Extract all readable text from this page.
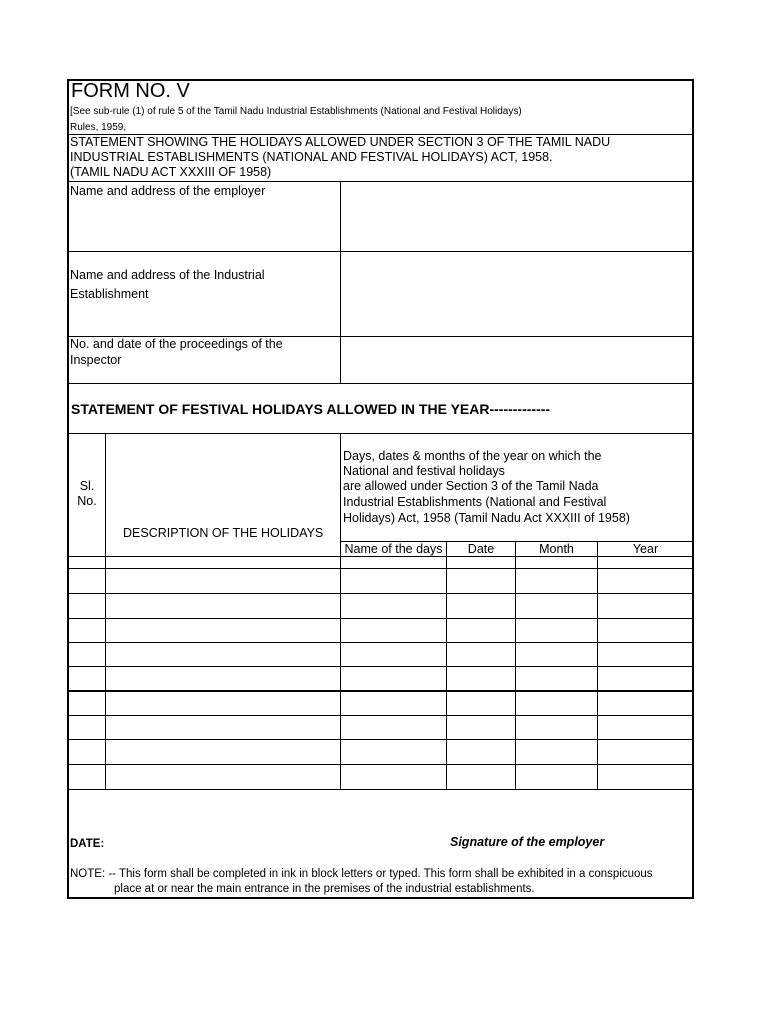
FORM NO. V
[See sub-rule (1) of rule 5 of the Tamil Nadu Industrial Establishments (National and Festival Holidays)
Rules, 1959,
STATEMENT SHOWING THE HOLIDAYS ALLOWED UNDER SECTION 3 OF THE TAMIL NADU
INDUSTRIAL ESTABLISHMENTS (NATIONAL AND FESTIVAL HOLIDAYS) ACT, 1958.
(TAMIL NADU ACT XXXIII OF 1958)
Name and address of the employer
Name and address of the Industrial
Establishment
No. and date of the proceedings of the
Inspector
STATEMENT OF FESTIVAL HOLIDAYS ALLOWED IN THE YEAR-------------
Sl.
No.
DESCRIPTION OF THE HOLIDAYS
Days, dates & months of the year on which the
National and festival holidays
are allowed under Section 3 of the Tamil Nada
Industrial Establishments (National and Festival
Holidays) Act, 1958 (Tamil Nadu Act XXXIII of 1958)
Name of the days	Date	Month	Year
DATE:	Signature of the employer
NOTE: -- This form shall be completed in ink in block letters or typed. This form shall be exhibited in a conspicuous
place at or near the main entrance in the premises of the industrial establishments.
